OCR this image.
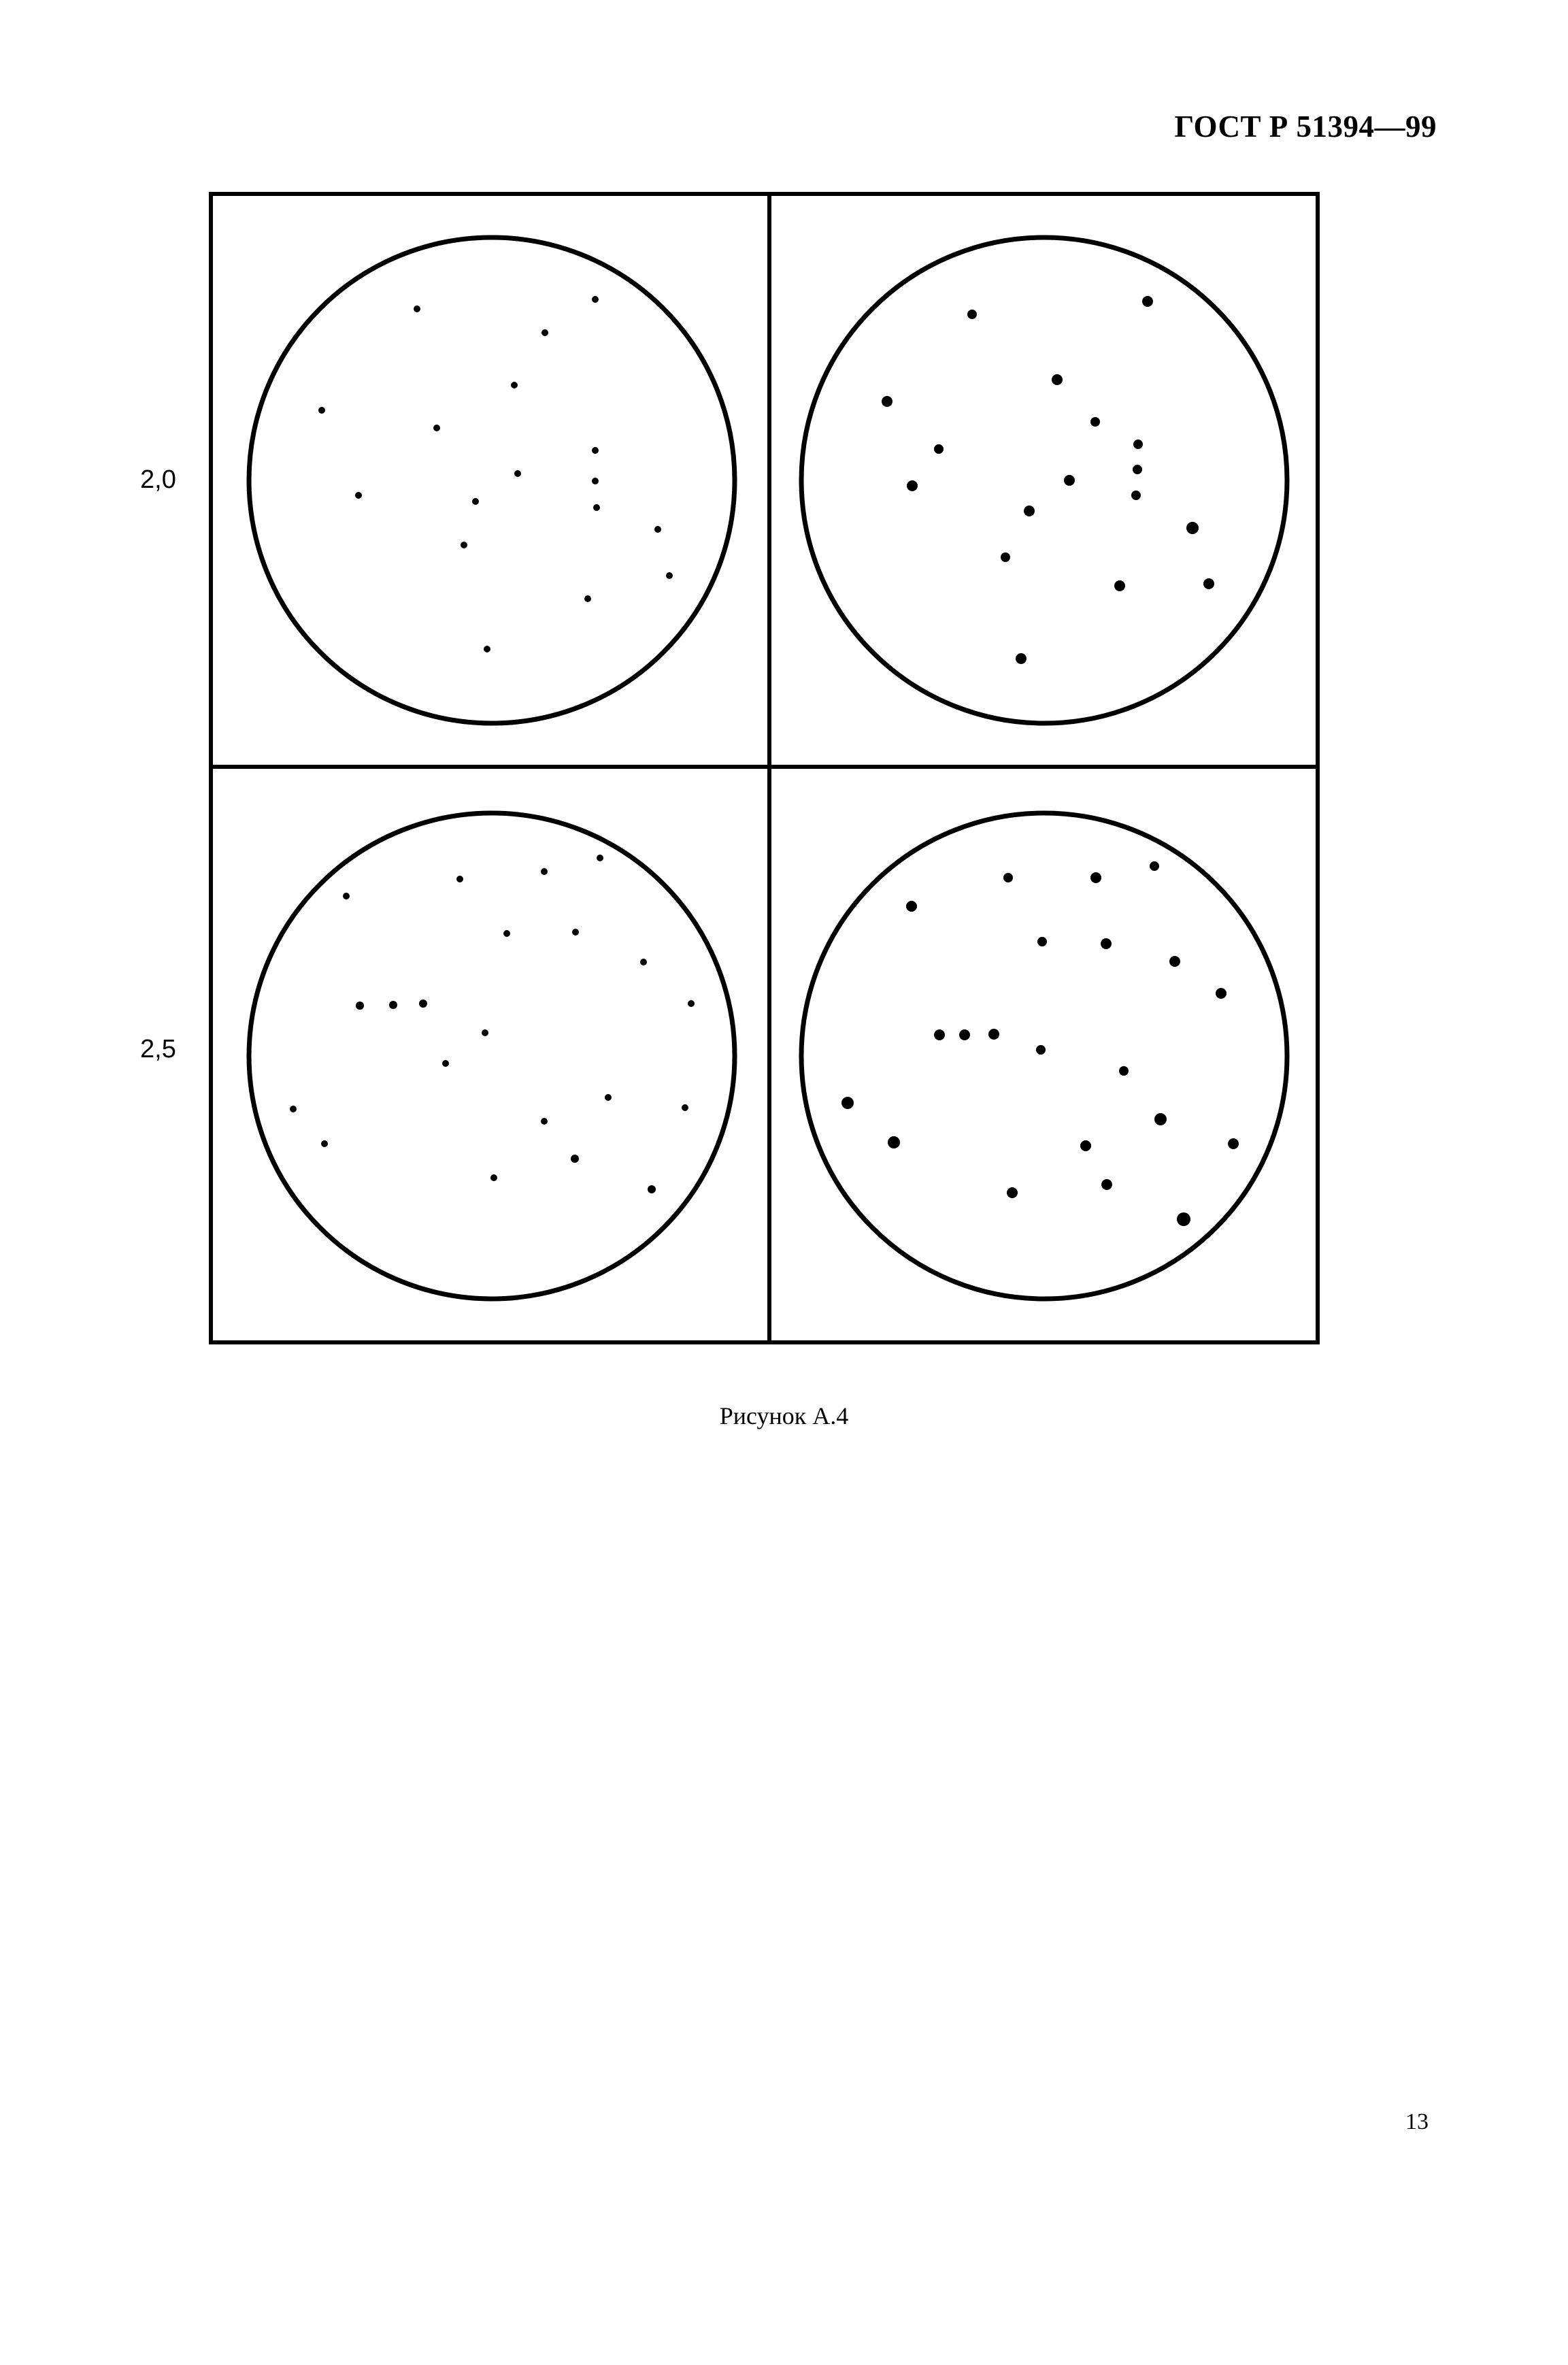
ГОСТ Р 51394—99
2,0
2,5
Рисунок А.4
13
